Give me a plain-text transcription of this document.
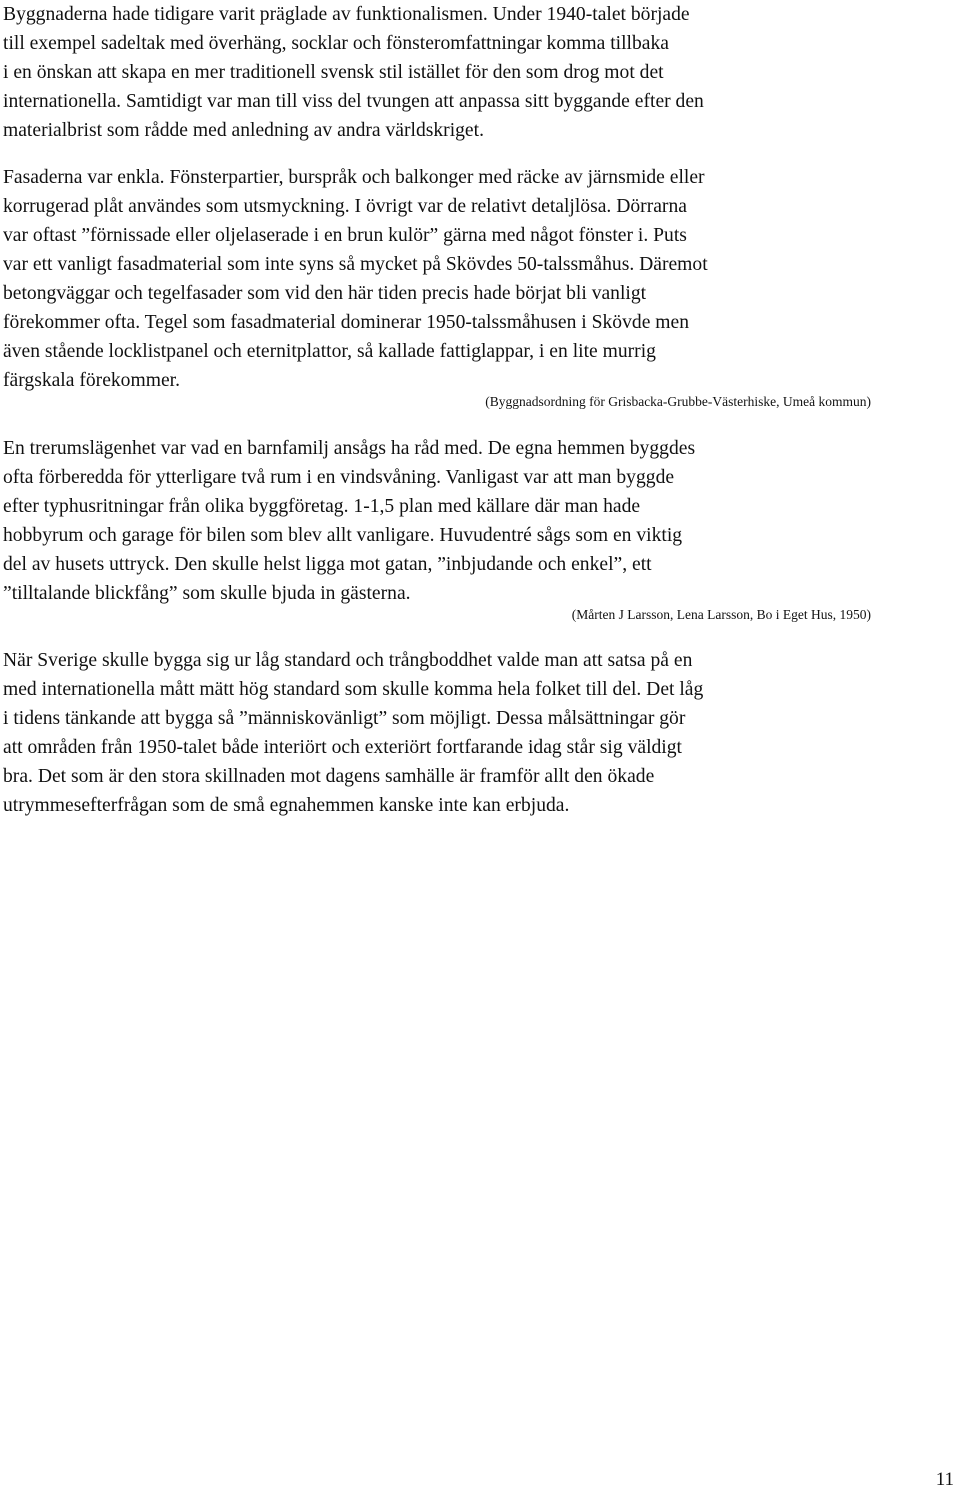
Byggnaderna hade tidigare varit präglade av funktionalismen. Under 1940-talet började
till exempel sadeltak med överhäng, socklar och fönsteromfattningar komma tillbaka
i en önskan att skapa en mer traditionell svensk stil istället för den som drog mot det
internationella. Samtidigt var man till viss del tvungen att anpassa sitt byggande efter den
materialbrist som rådde med anledning av andra världskriget.

Fasaderna var enkla. Fönsterpartier, burspråk och balkonger med räcke av järnsmide eller
korrugerad plåt användes som utsmyckning. I övrigt var de relativt detaljlösa. Dörrarna
var oftast ”förnissade eller oljelaserade i en brun kulör” gärna med något fönster i. Puts
var ett vanligt fasadmaterial som inte syns så mycket på Skövdes 50-talssmåhus. Däremot
betongväggar och tegelfasader som vid den här tiden precis hade börjat bli vanligt
förekommer ofta. Tegel som fasadmaterial dominerar 1950-talssmåhusen i Skövde men
även stående locklistpanel och eternitplattor, så kallade fattiglappar, i en lite murrig
färgskala förekommer.

(Byggnadsordning för Grisbacka-Grubbe-Västerhiske, Umeå kommun)

En trerumslägenhet var vad en barnfamilj ansågs ha råd med. De egna hemmen byggdes
ofta förberedda för ytterligare två rum i en vindsvåning. Vanligast var att man byggde
efter typhusritningar från olika byggföretag. 1-1,5 plan med källare där man hade
hobbyrum och garage för bilen som blev allt vanligare. Huvudentré sågs som en viktig
del av husets uttryck. Den skulle helst ligga mot gatan, ”inbjudande och enkel”, ett
”tilltalande blickfång” som skulle bjuda in gästerna.

(Mårten J Larsson, Lena Larsson, Bo i Eget Hus, 1950)

När Sverige skulle bygga sig ur låg standard och trångboddhet valde man att satsa på en
med internationella mått mätt hög standard som skulle komma hela folket till del. Det låg
i tidens tänkande att bygga så ”människovänligt” som möjligt. Dessa målsättningar gör
att områden från 1950-talet både interiört och exteriört fortfarande idag står sig väldigt
bra. Det som är den stora skillnaden mot dagens samhälle är framför allt den ökade
utrymmesefterfrågan som de små egnahemmen kanske inte kan erbjuda.

11
